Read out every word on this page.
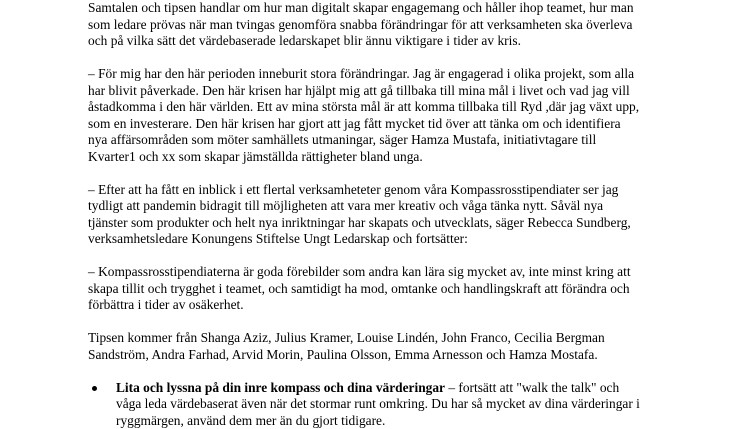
Samtalen och tipsen handlar om hur man digitalt skapar engagemang och håller ihop teamet, hur man
som ledare prövas när man tvingas genomföra snabba förändringar för att verksamheten ska överleva
och på vilka sätt det värdebaserade ledarskapet blir ännu viktigare i tider av kris.
– För mig har den här perioden inneburit stora förändringar. Jag är engagerad i olika projekt, som alla
har blivit påverkade. Den här krisen har hjälpt mig att gå tillbaka till mina mål i livet och vad jag vill
åstadkomma i den här världen. Ett av mina största mål är att komma tillbaka till Ryd ,där jag växt upp,
som en investerare. Den här krisen har gjort att jag fått mycket tid över att tänka om och identifiera
nya affärsområden som möter samhällets utmaningar, säger Hamza Mustafa, initiativtagare till
Kvarter1 och xx som skapar jämställda rättigheter bland unga.
– Efter att ha fått en inblick i ett flertal verksamheteter genom våra Kompassrosstipendiater ser jag
tydligt att pandemin bidragit till möjligheten att vara mer kreativ och våga tänka nytt. Såväl nya
tjänster som produkter och helt nya inriktningar har skapats och utvecklats, säger Rebecca Sundberg,
verksamhetsledare Konungens Stiftelse Ungt Ledarskap och fortsätter:
– Kompassrosstipendiaterna är goda förebilder som andra kan lära sig mycket av, inte minst kring att
skapa tillit och trygghet i teamet, och samtidigt ha mod, omtanke och handlingskraft att förändra och
förbättra i tider av osäkerhet.
Tipsen kommer från Shanga Aziz, Julius Kramer, Louise Lindén, John Franco, Cecilia Bergman
Sandström, Andra Farhad, Arvid Morin, Paulina Olsson, Emma Arnesson och Hamza Mostafa.
Lita och lyssna på din inre kompass och dina värderingar – fortsätt att "walk the talk" och
våga leda värdebaserat även när det stormar runt omkring. Du har så mycket av dina värderingar i
ryggmärgen, använd dem mer än du gjort tidigare.
